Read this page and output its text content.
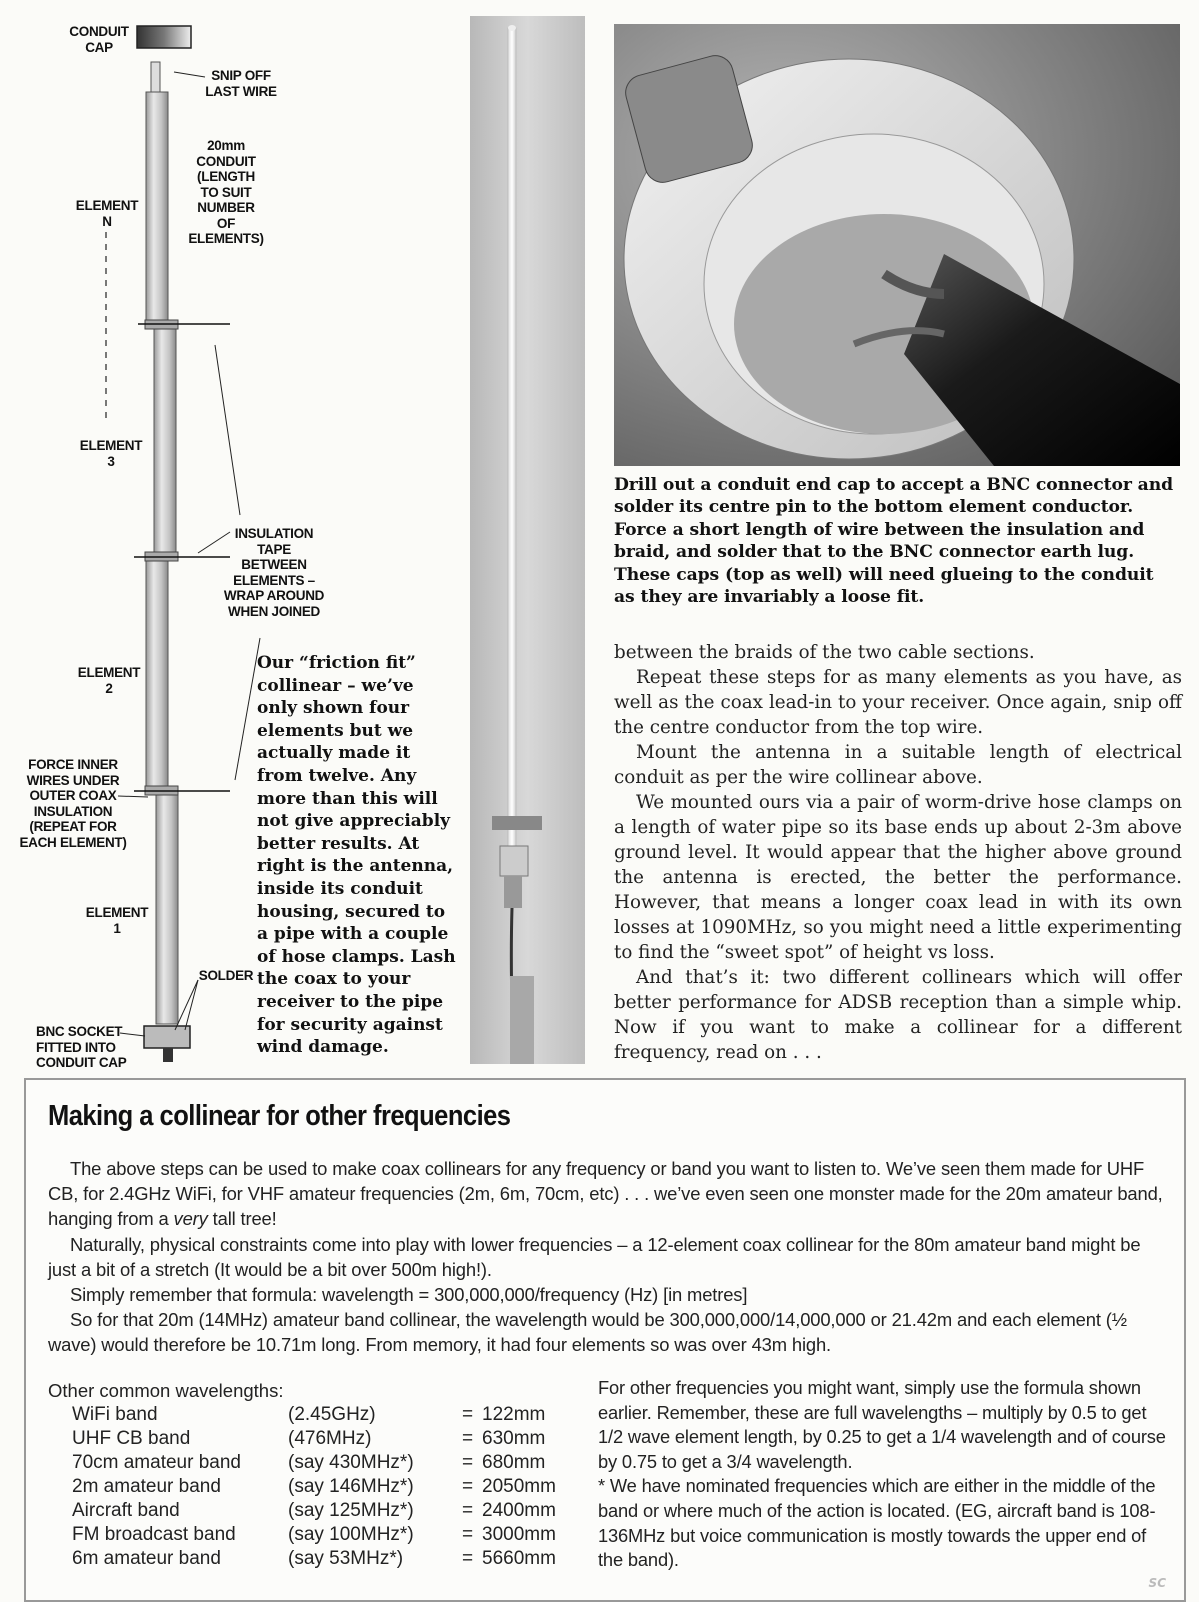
CONDUIT
CAP
SNIP OFF
LAST WIRE
20mm
CONDUIT
(LENGTH
TO SUIT
NUMBER
OF
ELEMENTS)
ELEMENT
N
ELEMENT
3
INSULATION
TAPE
BETWEEN
ELEMENTS –
WRAP AROUND
WHEN JOINED
ELEMENT
2
FORCE INNER
WIRES UNDER
OUTER COAX
INSULATION
(REPEAT FOR
EACH ELEMENT)
ELEMENT
1
SOLDER
BNC SOCKET
FITTED INTO
CONDUIT CAP
Our “friction fit” collinear – we’ve only shown four elements but we actually made it from twelve. Any more than this will not give appreciably better results. At right is the antenna, inside its conduit housing, secured to a pipe with a couple of hose clamps. Lash the coax to your receiver to the pipe for security against wind damage.
Drill out a conduit end cap to accept a BNC connector and solder its centre pin to the bottom element conductor. Force a short length of wire between the insulation and braid, and solder that to the BNC connector earth lug. These caps (top as well) will need glueing to the conduit as they are invariably a loose fit.

between the braids of the two cable sections.

Repeat these steps for as many elements as you have, as well as the coax lead-in to your receiver. Once again, snip off the centre conductor from the top wire.

Mount the antenna in a suitable length of electrical conduit as per the wire collinear above.

We mounted ours via a pair of worm-drive hose clamps on a length of water pipe so its base ends up about 2-3m above ground level. It would appear that the higher above ground the antenna is erected, the better the performance. However, that means a longer coax lead in with its own losses at 1090MHz, so you might need a little experimenting to find the “sweet spot” of height vs loss.

And that’s it: two different collinears which will offer better performance for ADSB reception than a simple whip. Now if you want to make a collinear for a different frequency, read on . . .

Making a collinear for other frequencies

The above steps can be used to make coax collinears for any frequency or band you want to listen to. We’ve seen them made for UHF CB, for 2.4GHz WiFi, for VHF amateur frequencies (2m, 6m, 70cm, etc) . . . we’ve even seen one monster made for the 20m amateur band, hanging from a very tall tree!

Naturally, physical constraints come into play with lower frequencies – a 12-element coax collinear for the 80m amateur band might be just a bit of a stretch (It would be a bit over 500m high!).

Simply remember that formula: wavelength = 300,000,000/frequency (Hz) [in metres]

So for that 20m (14MHz) amateur band collinear, the wavelength would be 300,000,000/14,000,000 or 21.42m and each element (½ wave) would therefore be 10.71m long. From memory, it had four elements so was over 43m high.

Other common wavelengths:
WiFi band	(2.45GHz)	= 122mm
UHF CB band	(476MHz)	= 630mm
70cm amateur band (say 430MHz*)	= 680mm
2m amateur band	(say 146MHz*)	= 2050mm
Aircraft band	(say 125MHz*)	= 2400mm
FM broadcast band	(say 100MHz*)	= 3000mm
6m amateur band	(say 53MHz*)	= 5660mm

For other frequencies you might want, simply use the formula shown earlier. Remember, these are full wavelengths – multiply by 0.5 to get 1/2 wave element length, by 0.25 to get a 1/4 wavelength and of course by 0.75 to get a 3/4 wavelength.

* We have nominated frequencies which are either in the middle of the band or where much of the action is located. (EG, aircraft band is 108-136MHz but voice communication is mostly towards the upper end of the band).

SC
